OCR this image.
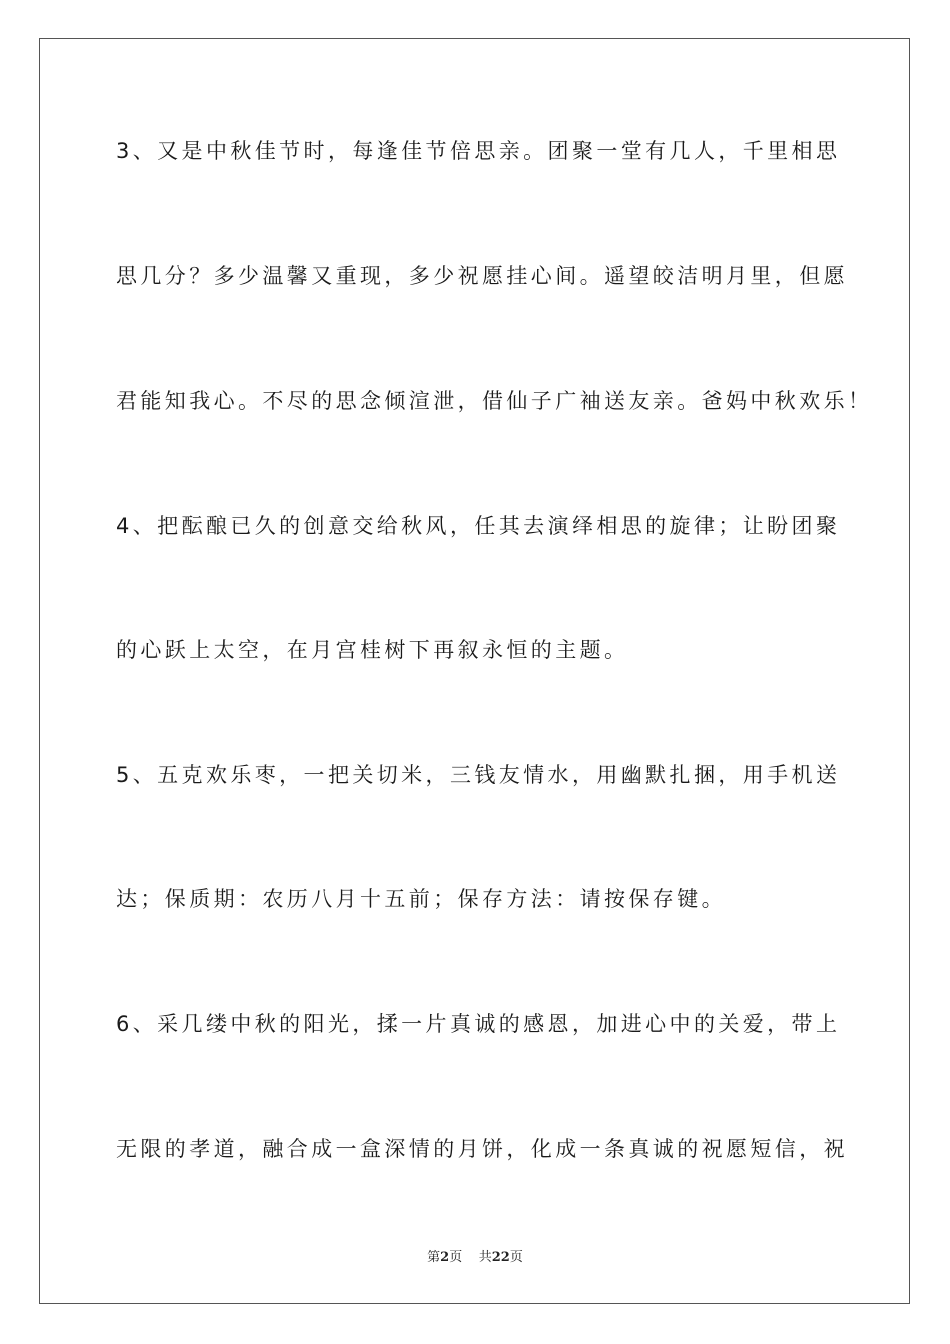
3、又是中秋佳节时，每逢佳节倍思亲。团聚一堂有几人，千里相思
思几分？多少温馨又重现，多少祝愿挂心间。遥望皎洁明月里，但愿
君能知我心。不尽的思念倾渲泄，借仙子广袖送友亲。爸妈中秋欢乐！
4、把酝酿已久的创意交给秋风，任其去演绎相思的旋律；让盼团聚
的心跃上太空，在月宫桂树下再叙永恒的主题。
5、五克欢乐枣，一把关切米，三钱友情水，用幽默扎捆，用手机送
达；保质期：农历八月十五前；保存方法：请按保存键。
6、采几缕中秋的阳光，揉一片真诚的感恩，加进心中的关爱，带上
无限的孝道，融合成一盒深情的月饼，化成一条真诚的祝愿短信，祝
第2页 共22页
